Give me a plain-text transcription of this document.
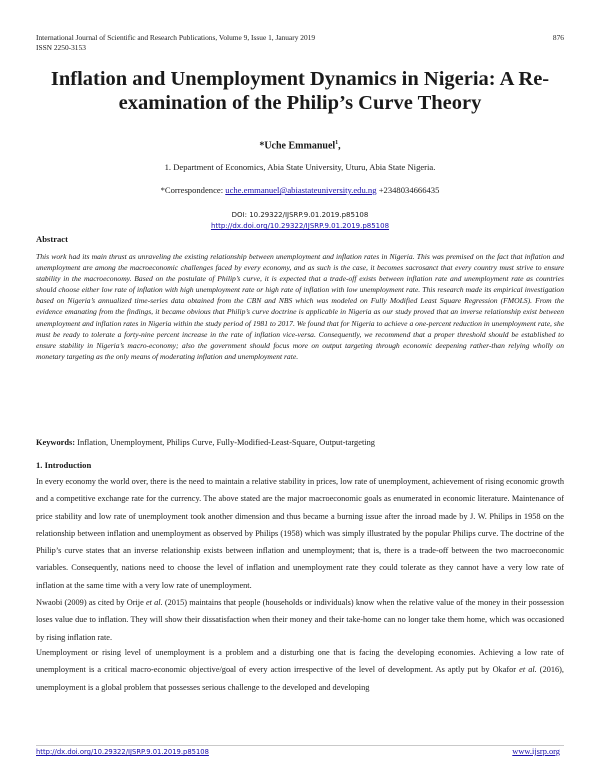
International Journal of Scientific and Research Publications, Volume 9, Issue 1, January 2019	876
ISSN 2250-3153
Inflation and Unemployment Dynamics in Nigeria: A Re-
examination of the Philip’s Curve Theory
*Uche Emmanuel$^1$,
1. Department of Economics, Abia State University, Uturu, Abia State Nigeria.
*Correspondence: uche.emmanuel@abiastateuniversity.edu.ng +2348034666435
DOI: 10.29322/IJSRP.9.01.2019.p85108
http://dx.doi.org/10.29322/IJSRP.9.01.2019.p85108
Abstract
This work had its main thrust as unraveling the existing relationship between unemployment and inflation rates in Nigeria. This was premised on the fact that inflation and unemployment are among the macroeconomic challenges faced by every economy, and as such is the case, it becomes sacrosanct that every country must strive to ensure stability in the macroeconomy. Based on the postulate of Philip’s curve, it is expected that a trade-off exists between inflation rate and unemployment rate as countries should choose either low rate of inflation with high unemployment rate or high rate of inflation with low unemployment rate. This research made its empirical investigation based on Nigeria’s annualized time-series data obtained from the CBN and NBS which was modeled on Fully Modified Least Square Regression (FMOLS). From the evidence emanating from the findings, it became obvious that Philip’s curve doctrine is applicable in Nigeria as our study proved that an inverse relationship exist between unemployment and inflation rates in Nigeria within the study period of 1981 to 2017. We found that for Nigeria to achieve a one-percent reduction in unemployment rate, she must be ready to tolerate a forty-nine percent increase in the rate of inflation vice-versa. Consequently, we recommend that a proper threshold should be established to ensure stability in Nigeria’s macro-economy; also the government should focus more on output targeting through economic deepening rather-than relying wholly on monetary targeting as the only means of moderating inflation and unemployment rate.
Keywords: Inflation, Unemployment, Philips Curve, Fully-Modified-Least-Square, Output-targeting
1. Introduction
In every economy the world over, there is the need to maintain a relative stability in prices, low rate of unemployment, achievement of rising economic growth and a competitive exchange rate for the currency. The above stated are the major macroeconomic goals as enumerated in economic literature. Maintenance of price stability and low rate of unemployment took another dimension and thus became a burning issue after the inroad made by J. W. Philips in 1958 on the relationship between inflation and unemployment as observed by Philips (1958) which was simply illustrated by the popular Philips curve. The doctrine of the Philip’s curve states that an inverse relationship exists between inflation and unemployment; that is, there is a trade-off between the two macroeconomic variables. Consequently, nations need to choose the level of inflation and unemployment rate they could tolerate as they cannot have a very low rate of inflation at the same time with a very low rate of unemployment.
Nwaobi (2009) as cited by Orije et al. (2015) maintains that people (households or individuals) know when the relative value of the money in their possession loses value due to inflation. They will show their dissatisfaction when their money and their take-home can no longer take them home, which was occasioned by rising inflation rate.
Unemployment or rising level of unemployment is a problem and a disturbing one that is facing the developing economies. Achieving a low rate of unemployment is a critical macro-economic objective/goal of every action irrespective of the level of development. As aptly put by Okafor et al. (2016), unemployment is a global problem that possesses serious challenge to the developed and developing
http://dx.doi.org/10.29322/IJSRP.9.01.2019.p85108	www.ijsrp.org
